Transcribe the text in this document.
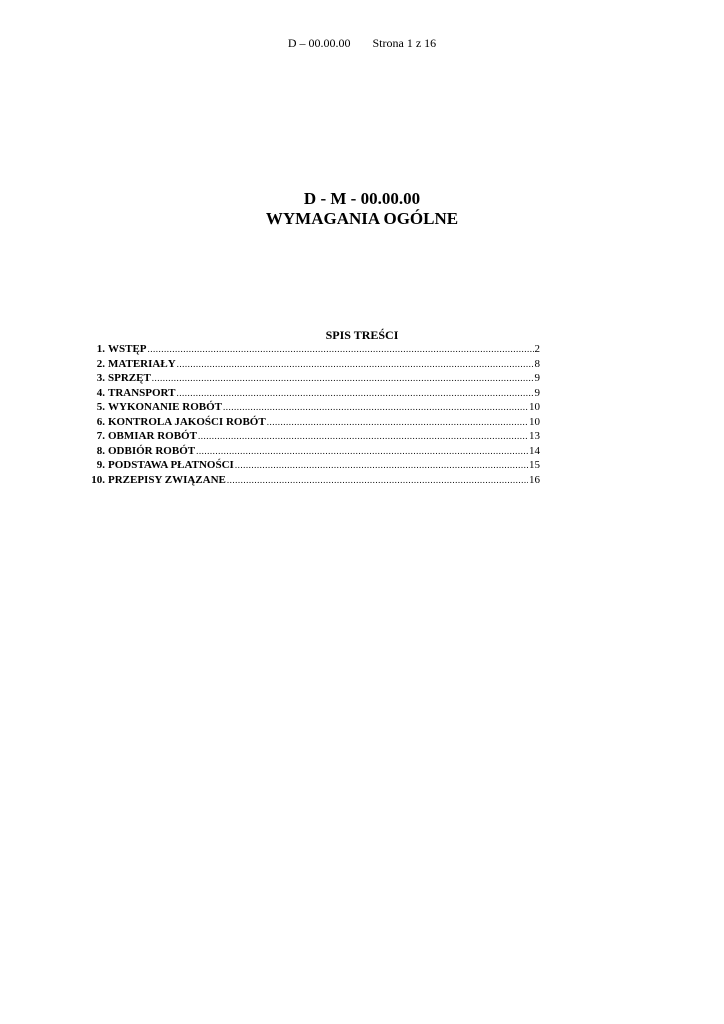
D – 00.00.00 Strona 1 z 16
D - M - 00.00.00
WYMAGANIA OGÓLNE
SPIS TREŚCI
1. WSTĘP .....	2
2. MATERIAŁY .....	8
3. SPRZĘT .....	9
4. TRANSPORT .....	9
5. WYKONANIE ROBÓT .....	10
6. KONTROLA JAKOŚCI ROBÓT .....	10
7. OBMIAR ROBÓT .....	13
8. ODBIÓR ROBÓT .....	14
9. PODSTAWA PŁATNOŚCI .....	15
10. PRZEPISY ZWIĄZANE .....	16
